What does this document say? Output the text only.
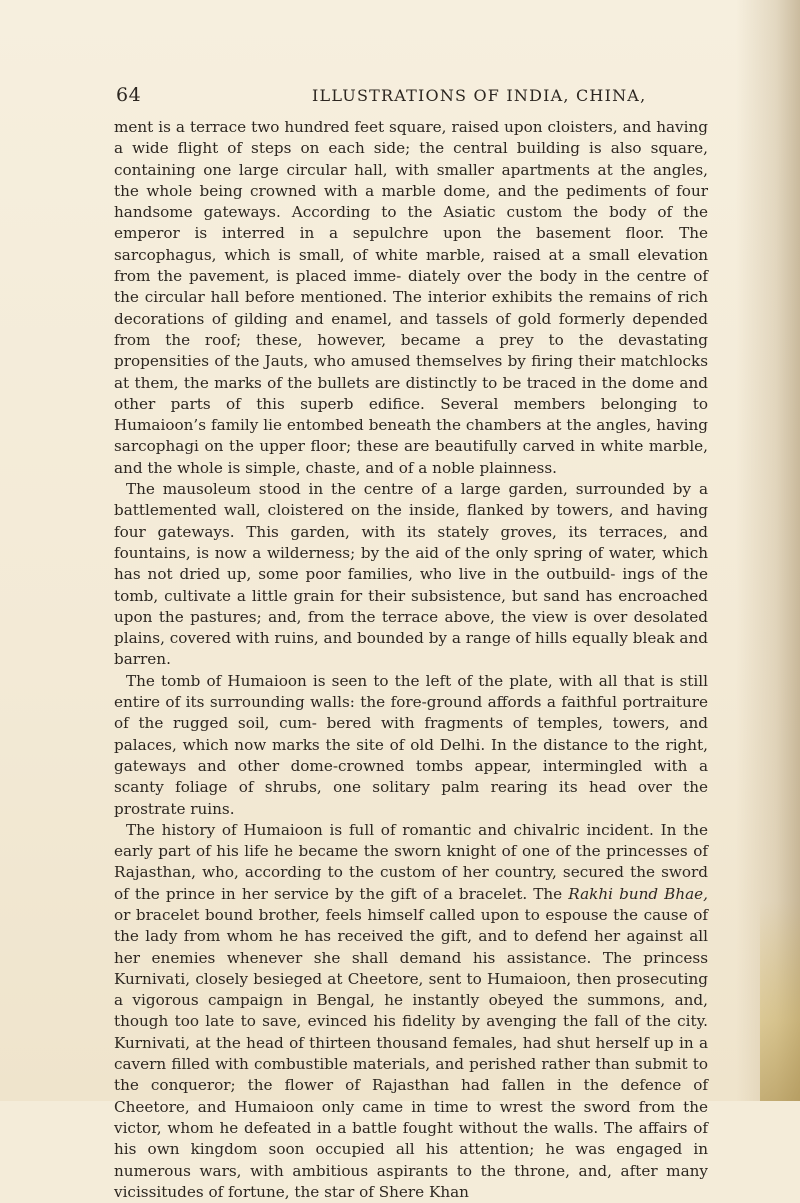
64	ILLUSTRATIONS OF INDIA, CHINA,

ment is a terrace two hundred feet square, raised upon cloisters, and having a wide flight of steps on each side; the central building is also square, containing one large circular hall, with smaller apartments at the angles, the whole being crowned with a marble dome, and the pediments of four handsome gateways. According to the Asiatic custom the body of the emperor is interred in a sepulchre upon the basement floor. The sarcophagus, which is small, of white marble, raised at a small elevation from the pavement, is placed imme- diately over the body in the centre of the circular hall before mentioned. The interior exhibits the remains of rich decorations of gilding and enamel, and tassels of gold formerly depended from the roof; these, however, became a prey to the devastating propensities of the Jauts, who amused themselves by firing their matchlocks at them, the marks of the bullets are distinctly to be traced in the dome and other parts of this superb edifice. Several members belonging to Humaioon’s family lie entombed beneath the chambers at the angles, having sarcophagi on the upper floor; these are beautifully carved in white marble, and the whole is simple, chaste, and of a noble plainness.

The mausoleum stood in the centre of a large garden, surrounded by a battlemented wall, cloistered on the inside, flanked by towers, and having four gateways. This garden, with its stately groves, its terraces, and fountains, is now a wilderness; by the aid of the only spring of water, which has not dried up, some poor families, who live in the outbuild- ings of the tomb, cultivate a little grain for their subsistence, but sand has encroached upon the pastures; and, from the terrace above, the view is over desolated plains, covered with ruins, and bounded by a range of hills equally bleak and barren.

The tomb of Humaioon is seen to the left of the plate, with all that is still entire of its surrounding walls: the fore-ground affords a faithful portraiture of the rugged soil, cum- bered with fragments of temples, towers, and palaces, which now marks the site of old Delhi. In the distance to the right, gateways and other dome-crowned tombs appear, intermingled with a scanty foliage of shrubs, one solitary palm rearing its head over the prostrate ruins.

The history of Humaioon is full of romantic and chivalric incident. In the early part of his life he became the sworn knight of one of the princesses of Rajasthan, who, according to the custom of her country, secured the sword of the prince in her service by the gift of a bracelet. The Rakhi bund Bhae, or bracelet bound brother, feels himself called upon to espouse the cause of the lady from whom he has received the gift, and to defend her against all her enemies whenever she shall demand his assistance. The princess Kurnivati, closely besieged at Cheetore, sent to Humaioon, then prosecuting a vigorous campaign in Bengal, he instantly obeyed the summons, and, though too late to save, evinced his fidelity by avenging the fall of the city. Kurnivati, at the head of thirteen thousand females, had shut herself up in a cavern filled with combustible materials, and perished rather than submit to the conqueror; the flower of Rajasthan had fallen in the defence of Cheetore, and Humaioon only came in time to wrest the sword from the victor, whom he defeated in a battle fought without the walls. The affairs of his own kingdom soon occupied all his attention; he was engaged in numerous wars, with ambitious aspirants to the throne, and, after many vicissitudes of fortune, the star of Shere Khan
